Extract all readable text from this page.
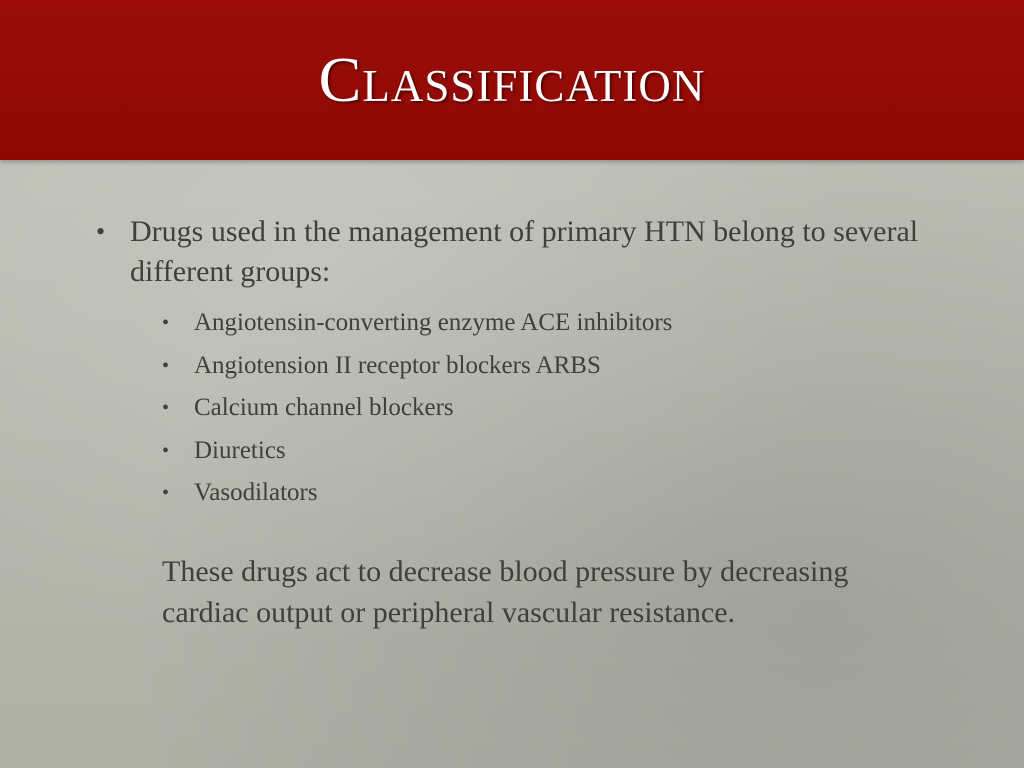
Classification
• Drugs used in the management of primary HTN belong to several different groups:
• Angiotensin-converting enzyme ACE inhibitors
• Angiotension II receptor blockers ARBS
• Calcium channel blockers
• Diuretics
• Vasodilators
These drugs act to decrease blood pressure by decreasing cardiac output or peripheral vascular resistance.
